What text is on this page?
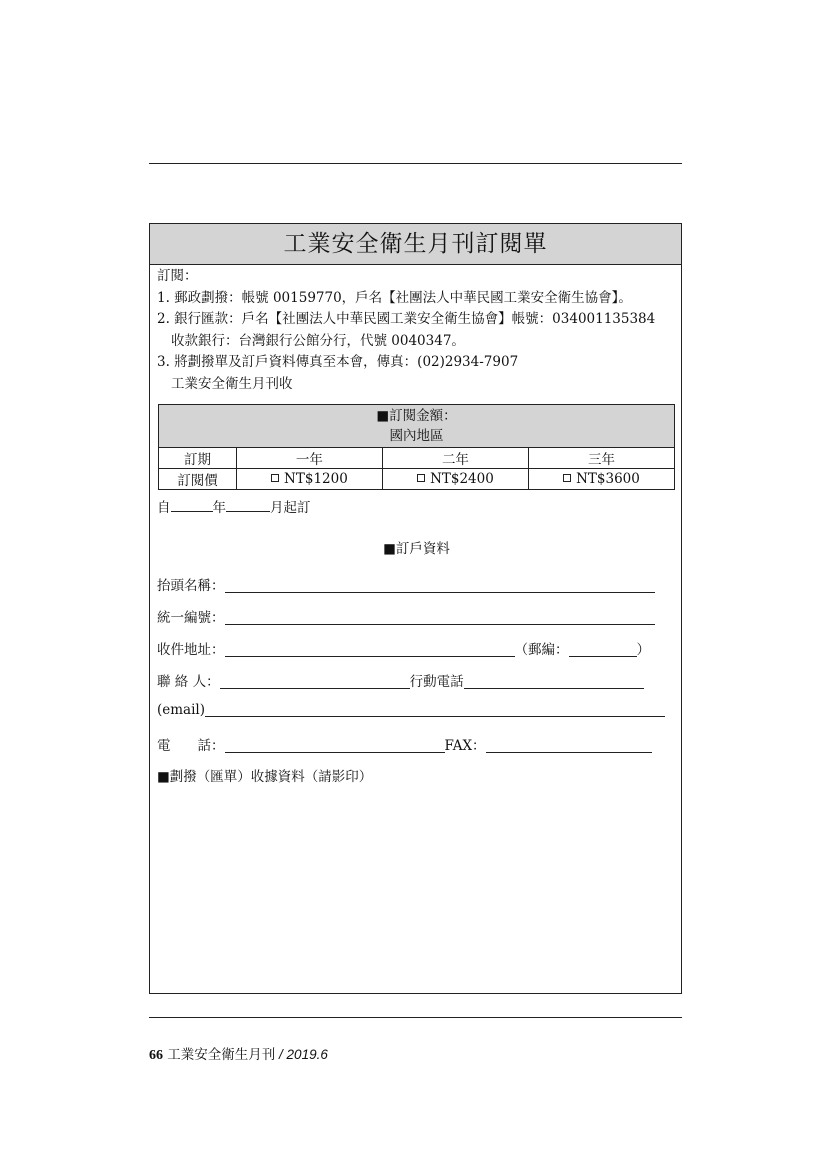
工業安全衛生月刊訂閱單
訂閱：
1. 郵政劃撥：帳號 00159770，戶名【社團法人中華民國工業安全衛生協會】。
2. 銀行匯款：戶名【社團法人中華民國工業安全衛生協會】帳號：034001135384
收款銀行：台灣銀行公館分行，代號 0040347。
3. 將劃撥單及訂戶資料傳真至本會，傳真：(02)2934-7907
工業安全衛生月刊收
■訂閱金額：
國內地區			

訂期	一年	二年	三年
訂閱價	NT$1200	NT$2400	NT$3600
自	年	月起訂
■訂戶資料
抬頭名稱：
統一編號：
收件地址：	（郵編：	）
聯 絡 人：	行動電話
(email)
電　　話：	FAX：
■劃撥（匯單）收據資料（請影印）
66 工業安全衛生月刊 / 2019.6
